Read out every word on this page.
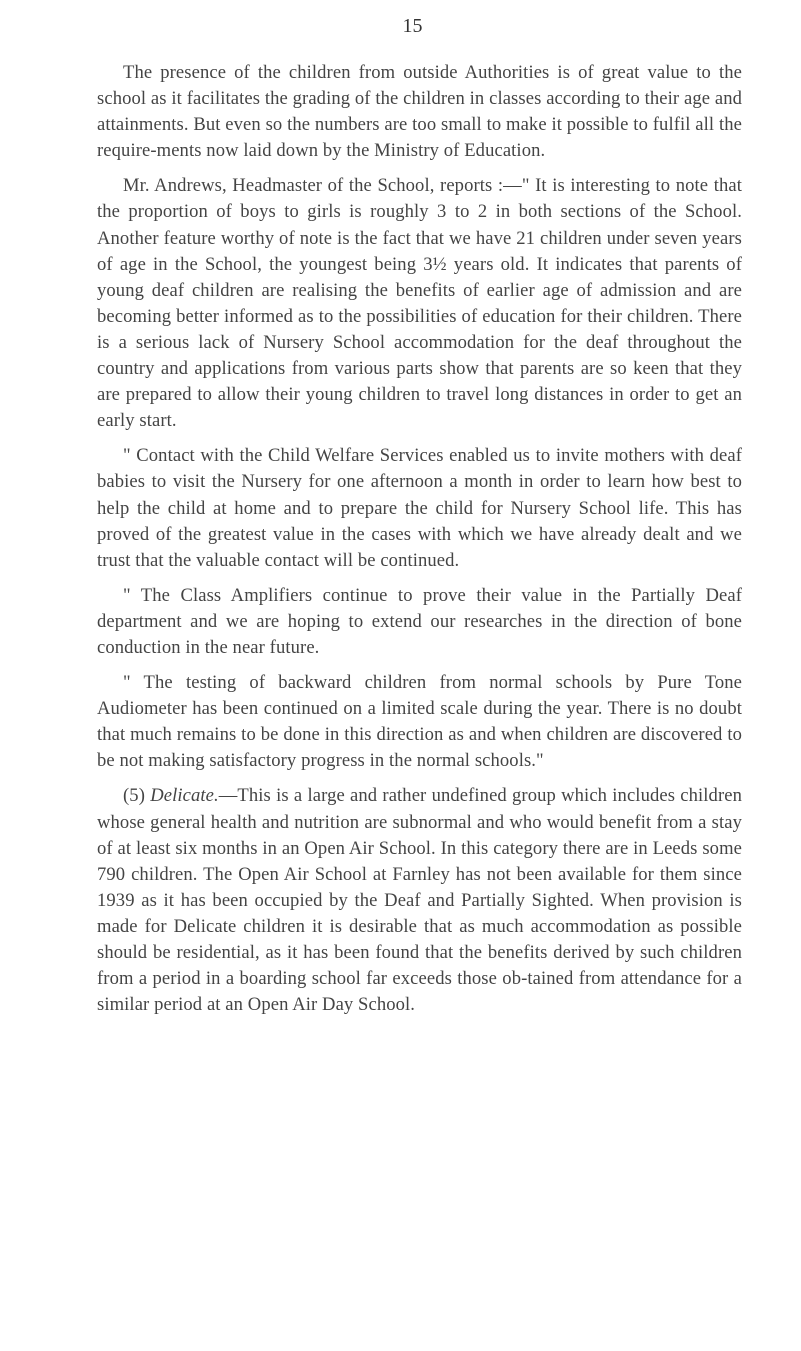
15

The presence of the children from outside Authorities is of great value to the school as it facilitates the grading of the children in classes according to their age and attainments. But even so the numbers are too small to make it possible to fulfil all the require-ments now laid down by the Ministry of Education.

Mr. Andrews, Headmaster of the School, reports :—" It is interesting to note that the proportion of boys to girls is roughly 3 to 2 in both sections of the School. Another feature worthy of note is the fact that we have 21 children under seven years of age in the School, the youngest being 3½ years old. It indicates that parents of young deaf children are realising the benefits of earlier age of admission and are becoming better informed as to the possibilities of education for their children. There is a serious lack of Nursery School accommodation for the deaf throughout the country and applications from various parts show that parents are so keen that they are prepared to allow their young children to travel long distances in order to get an early start.

" Contact with the Child Welfare Services enabled us to invite mothers with deaf babies to visit the Nursery for one afternoon a month in order to learn how best to help the child at home and to prepare the child for Nursery School life. This has proved of the greatest value in the cases with which we have already dealt and we trust that the valuable contact will be continued.

" The Class Amplifiers continue to prove their value in the Partially Deaf department and we are hoping to extend our researches in the direction of bone conduction in the near future.

" The testing of backward children from normal schools by Pure Tone Audiometer has been continued on a limited scale during the year. There is no doubt that much remains to be done in this direction as and when children are discovered to be not making satisfactory progress in the normal schools."

(5) Delicate.—This is a large and rather undefined group which includes children whose general health and nutrition are subnormal and who would benefit from a stay of at least six months in an Open Air School. In this category there are in Leeds some 790 children. The Open Air School at Farnley has not been available for them since 1939 as it has been occupied by the Deaf and Partially Sighted. When provision is made for Delicate children it is desirable that as much accommodation as possible should be residential, as it has been found that the benefits derived by such children from a period in a boarding school far exceeds those ob-tained from attendance for a similar period at an Open Air Day School.
